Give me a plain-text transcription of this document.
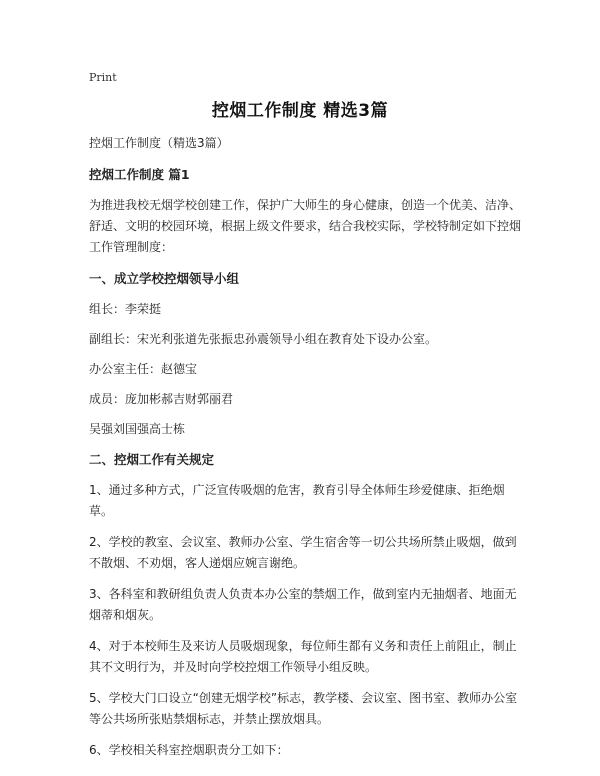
Print
控烟工作制度 精选3篇

控烟工作制度（精选3篇）

控烟工作制度 篇1

为推进我校无烟学校创建工作，保护广大师生的身心健康，创造一个优美、洁净、舒适、文明的校园环境，根据上级文件要求，结合我校实际，学校特制定如下控烟工作管理制度：

一、成立学校控烟领导小组

组长：李荣挺

副组长：宋光利张道先张振忠孙震领导小组在教育处下设办公室。

办公室主任：赵德宝

成员：庞加彬郝吉财郭丽君

吴强刘国强高士栋

二、控烟工作有关规定

1、通过多种方式，广泛宣传吸烟的危害，教育引导全体师生珍爱健康、拒绝烟草。

2、学校的教室、会议室、教师办公室、学生宿舍等一切公共场所禁止吸烟，做到不散烟、不劝烟，客人递烟应婉言谢绝。

3、各科室和教研组负责人负责本办公室的禁烟工作，做到室内无抽烟者、地面无烟蒂和烟灰。

4、对于本校师生及来访人员吸烟现象，每位师生都有义务和责任上前阻止，制止其不文明行为，并及时向学校控烟工作领导小组反映。

5、学校大门口设立“创建无烟学校”标志，教学楼、会议室、图书室、教师办公室等公共场所张贴禁烟标志，并禁止摆放烟具。

6、学校相关科室控烟职责分工如下：
